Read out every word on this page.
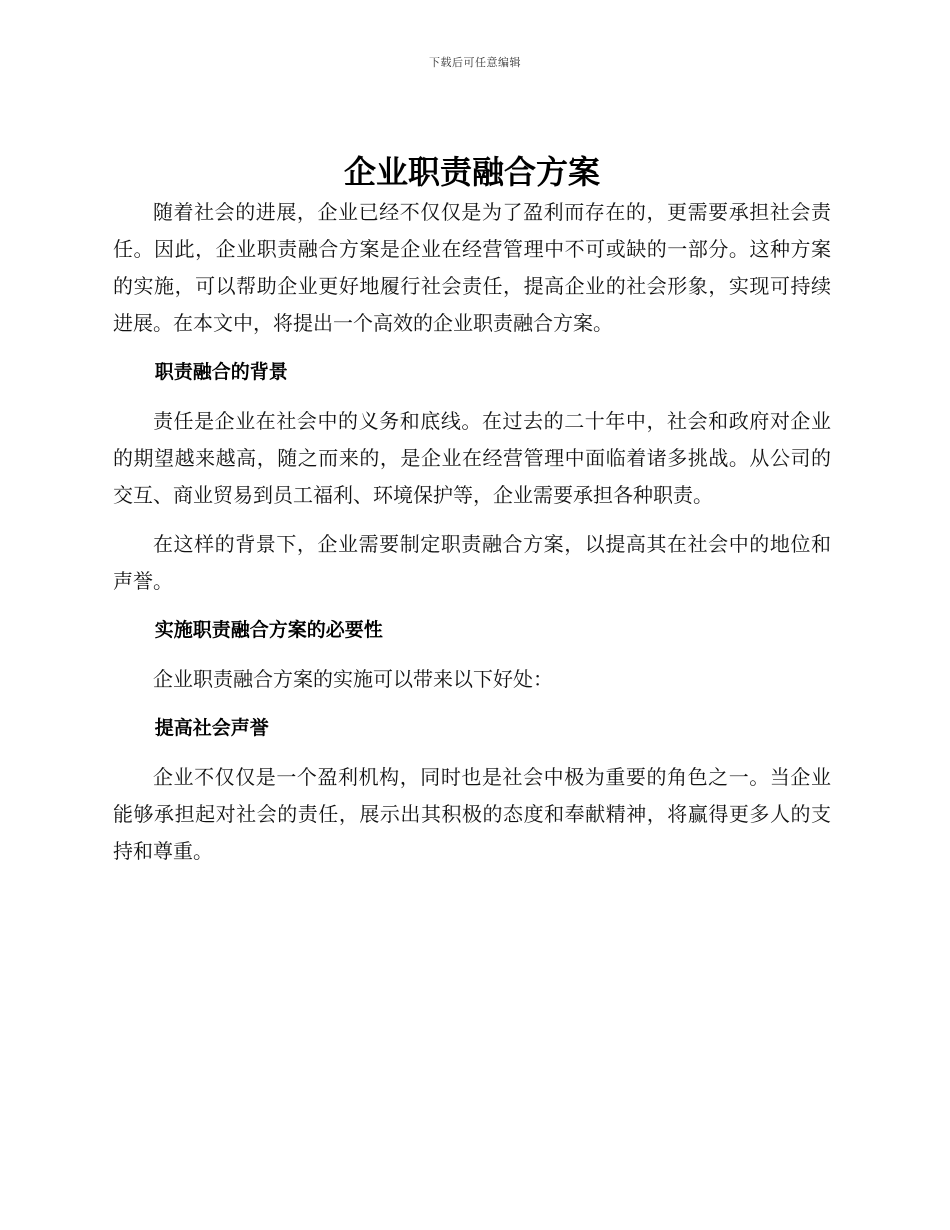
下载后可任意编辑
企业职责融合方案

随着社会的进展，企业已经不仅仅是为了盈利而存在的，更需要承担社会责任。因此，企业职责融合方案是企业在经营管理中不可或缺的一部分。这种方案的实施，可以帮助企业更好地履行社会责任，提高企业的社会形象，实现可持续进展。在本文中，将提出一个高效的企业职责融合方案。

职责融合的背景

责任是企业在社会中的义务和底线。在过去的二十年中，社会和政府对企业的期望越来越高，随之而来的，是企业在经营管理中面临着诸多挑战。从公司的交互、商业贸易到员工福利、环境保护等，企业需要承担各种职责。

在这样的背景下，企业需要制定职责融合方案，以提高其在社会中的地位和声誉。

实施职责融合方案的必要性

企业职责融合方案的实施可以带来以下好处：

提高社会声誉

企业不仅仅是一个盈利机构，同时也是社会中极为重要的角色之一。当企业能够承担起对社会的责任，展示出其积极的态度和奉献精神，将赢得更多人的支持和尊重。
